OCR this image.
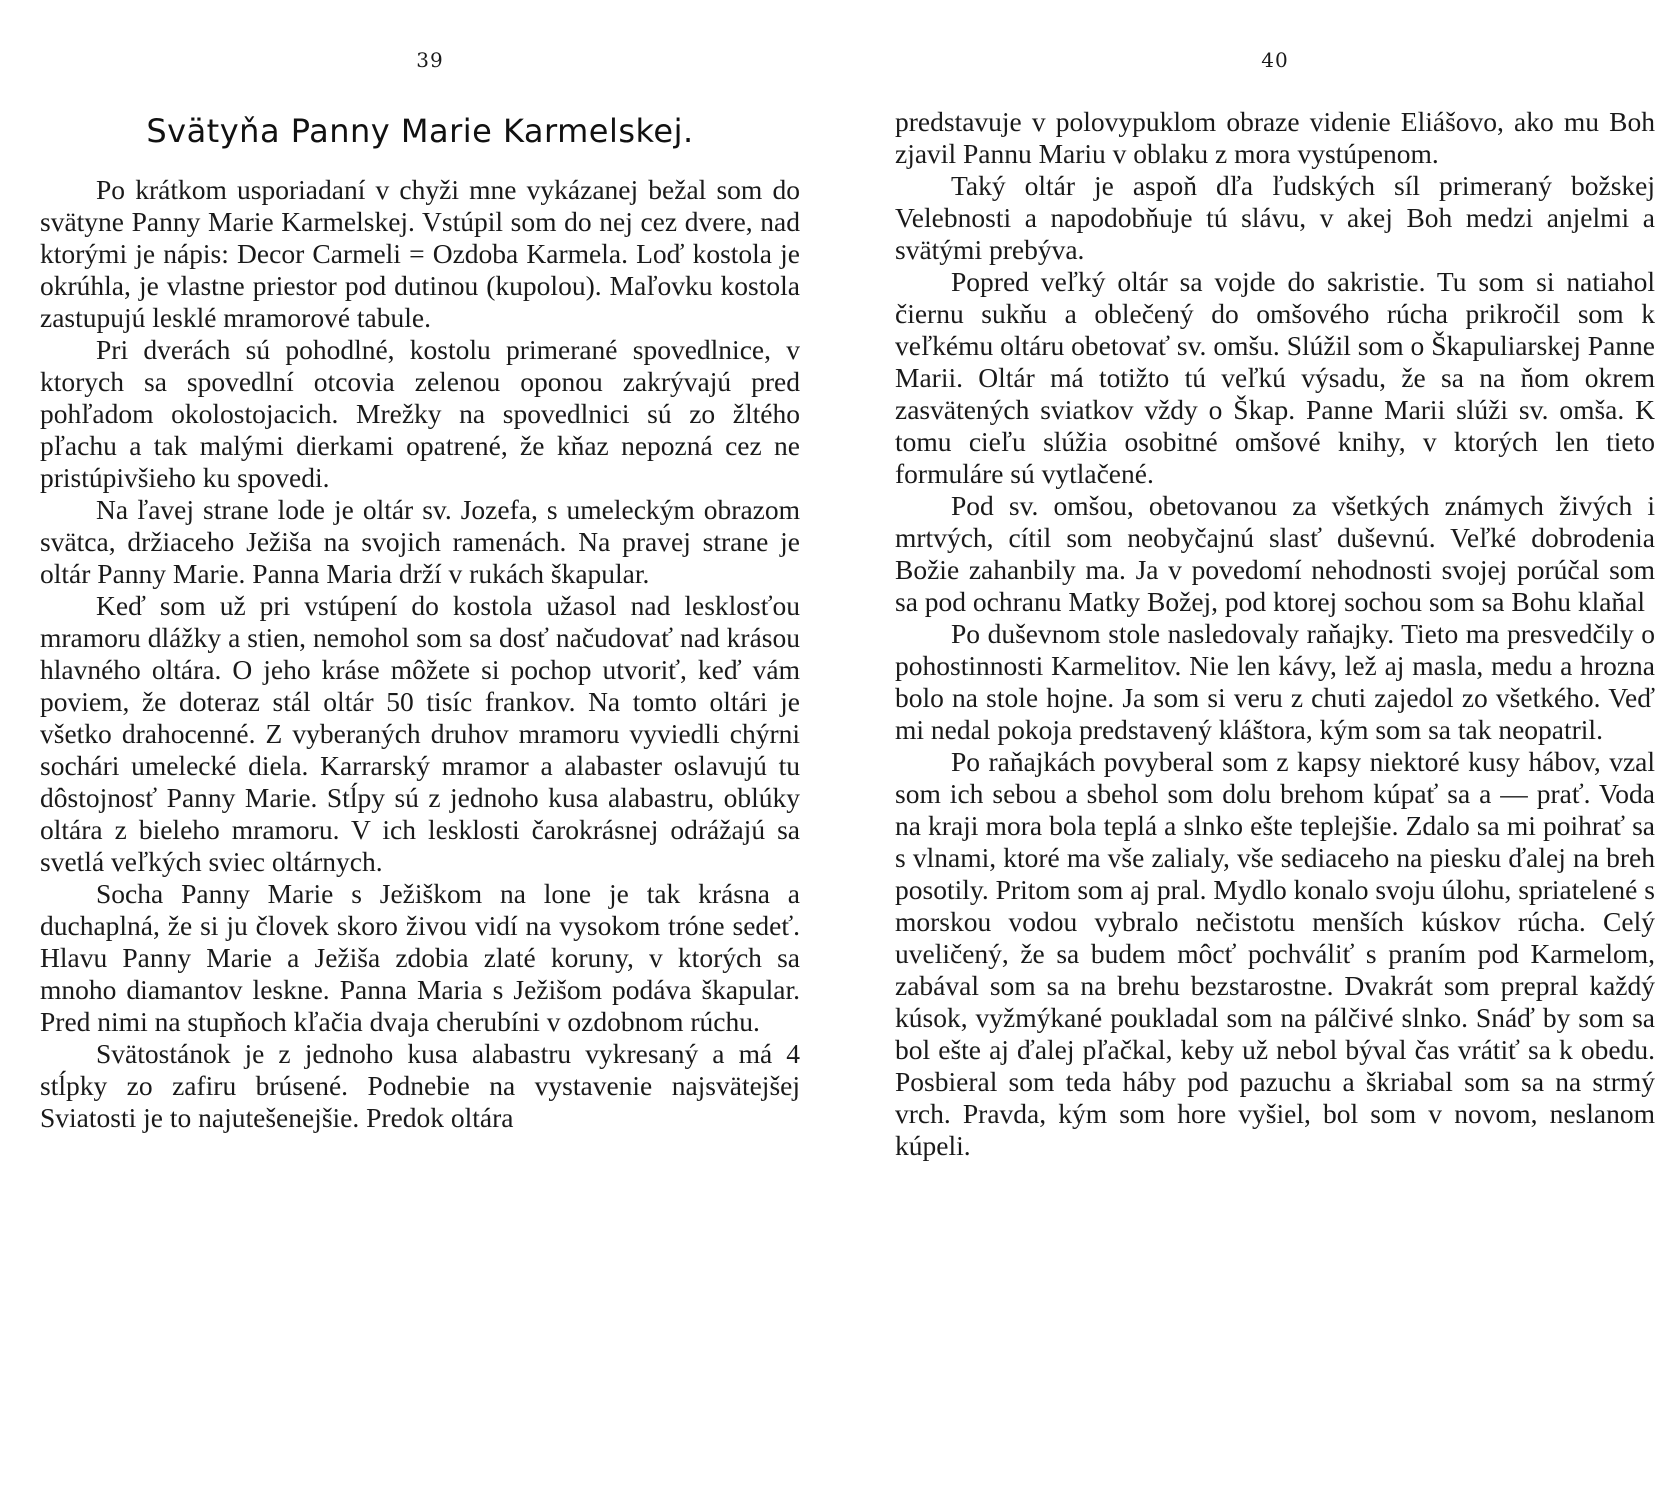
39
Svätyňa Panny Marie Karmelskej.

Po krátkom usporiadaní v chyži mne vykázanej bežal som do svätyne Panny Marie Karmelskej. Vstúpil som do nej cez dvere, nad ktorými je nápis: Decor Carmeli = Ozdoba Karmela. Loď kostola je okrúhla, je vlastne priestor pod dutinou (kupolou). Maľovku kostola zastupujú lesklé mramorové tabule.

Pri dverách sú pohodlné, kostolu primerané spovedlnice, v ktorych sa spovedlní otcovia zelenou oponou zakrývajú pred pohľadom okolostojacich. Mrežky na spovedlnici sú zo žltého pľachu a tak malými dierkami opatrené, že kňaz nepozná cez ne pristúpivšieho ku spovedi.

Na ľavej strane lode je oltár sv. Jozefa, s umeleckým obrazom svätca, držiaceho Ježiša na svojich ramenách. Na pravej strane je oltár Panny Marie. Panna Maria drží v rukách škapular.

Keď som už pri vstúpení do kostola užasol nad lesklosťou mramoru dlážky a stien, nemohol som sa dosť načudovať nad krásou hlavného oltára. O jeho kráse môžete si pochop utvoriť, keď vám poviem, že doteraz stál oltár 50 tisíc frankov. Na tomto oltári je všetko drahocenné. Z vyberaných druhov mramoru vyviedli chýrni sochári umelecké diela. Karrarský mramor a alabaster oslavujú tu dôstojnosť Panny Marie. Stĺpy sú z jednoho kusa alabastru, oblúky oltára z bieleho mramoru. V ich lesklosti čarokrásnej odrážajú sa svetlá veľkých sviec oltárnych.

Socha Panny Marie s Ježiškom na lone je tak krásna a duchaplná, že si ju človek skoro živou vidí na vysokom tróne sedeť. Hlavu Panny Marie a Ježiša zdobia zlaté koruny, v ktorých sa mnoho diamantov leskne. Panna Maria s Ježišom podáva škapular. Pred nimi na stupňoch kľačia dvaja cherubíni v ozdobnom rúchu.

Svätostánok je z jednoho kusa alabastru vykresaný a má 4 stĺpky zo zafiru brúsené. Podnebie na vystavenie najsvätejšej Sviatosti je to najutešenejšie. Predok oltára

40

predstavuje v polovypuklom obraze videnie Eliášovo, ako mu Boh zjavil Pannu Mariu v oblaku z mora vystúpenom.

Taký oltár je aspoň dľa ľudských síl primeraný božskej Velebnosti a napodobňuje tú slávu, v akej Boh medzi anjelmi a svätými prebýva.

Popred veľký oltár sa vojde do sakristie. Tu som si natiahol čiernu sukňu a oblečený do omšového rúcha prikročil som k veľkému oltáru obetovať sv. omšu. Slúžil som o Škapuliarskej Panne Marii. Oltár má totižto tú veľkú výsadu, že sa na ňom okrem zasvätených sviatkov vždy o Škap. Panne Marii slúži sv. omša. K tomu cieľu slúžia osobitné omšové knihy, v ktorých len tieto formuláre sú vytlačené.

Pod sv. omšou, obetovanou za všetkých známych živých i mrtvých, cítil som neobyčajnú slasť duševnú. Veľké dobrodenia Božie zahanbily ma. Ja v povedomí nehodnosti svojej porúčal som sa pod ochranu Matky Božej, pod ktorej sochou som sa Bohu klaňal

Po duševnom stole nasledovaly raňajky. Tieto ma presvedčily o pohostinnosti Karmelitov. Nie len kávy, lež aj masla, medu a hrozna bolo na stole hojne. Ja som si veru z chuti zajedol zo všetkého. Veď mi nedal pokoja predstavený kláštora, kým som sa tak neopatril.

Po raňajkách povyberal som z kapsy niektoré kusy hábov, vzal som ich sebou a sbehol som dolu brehom kúpať sa a — prať. Voda na kraji mora bola teplá a slnko ešte teplejšie. Zdalo sa mi poihrať sa s vlnami, ktoré ma vše zalialy, vše sediaceho na piesku ďalej na breh posotily. Pritom som aj pral. Mydlo konalo svoju úlohu, spriatelené s morskou vodou vybralo nečistotu menších kúskov rúcha. Celý uveličený, že sa budem môcť pochváliť s praním pod Karmelom, zabával som sa na brehu bezstarostne. Dvakrát som prepral každý kúsok, vyžmýkané poukladal som na pálčivé slnko. Snáď by som sa bol ešte aj ďalej pľačkal, keby už nebol býval čas vrátiť sa k obedu. Posbieral som teda háby pod pazuchu a škriabal som sa na strmý vrch. Pravda, kým som hore vyšiel, bol som v novom, neslanom kúpeli.
